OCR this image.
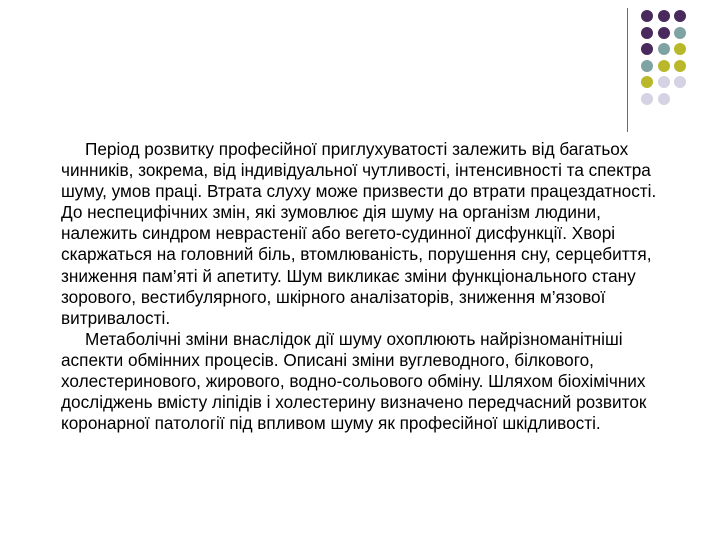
Період розвитку професійної приглухуватості залежить від багатьох чинників, зокрема, від індивідуальної чутливості, інтенсивності та спектра шуму, умов праці. Втрата слуху може призвести до втрати працездатності. До неспецифічних змін, які зумовлює дія шуму на організм людини, належить синдром неврастенії або вегето-судинної дисфункції. Хворі скаржаться на головний біль, втомлюваність, порушення сну, серцебиття, зниження пам’яті й апетиту. Шум викликає зміни функціонального стану зорового, вестибулярного, шкірного аналізаторів, зниження м’язової витривалості.

Метаболічні зміни внаслідок дії шуму охоплюють найрізноманітніші аспекти обмінних процесів. Описані зміни вуглеводного, білкового, холестеринового, жирового, водно-сольового обміну. Шляхом біохімічних досліджень вмісту ліпідів і холестерину визначено передчасний розвиток коронарної патології під впливом шуму як професійної шкідливості.
